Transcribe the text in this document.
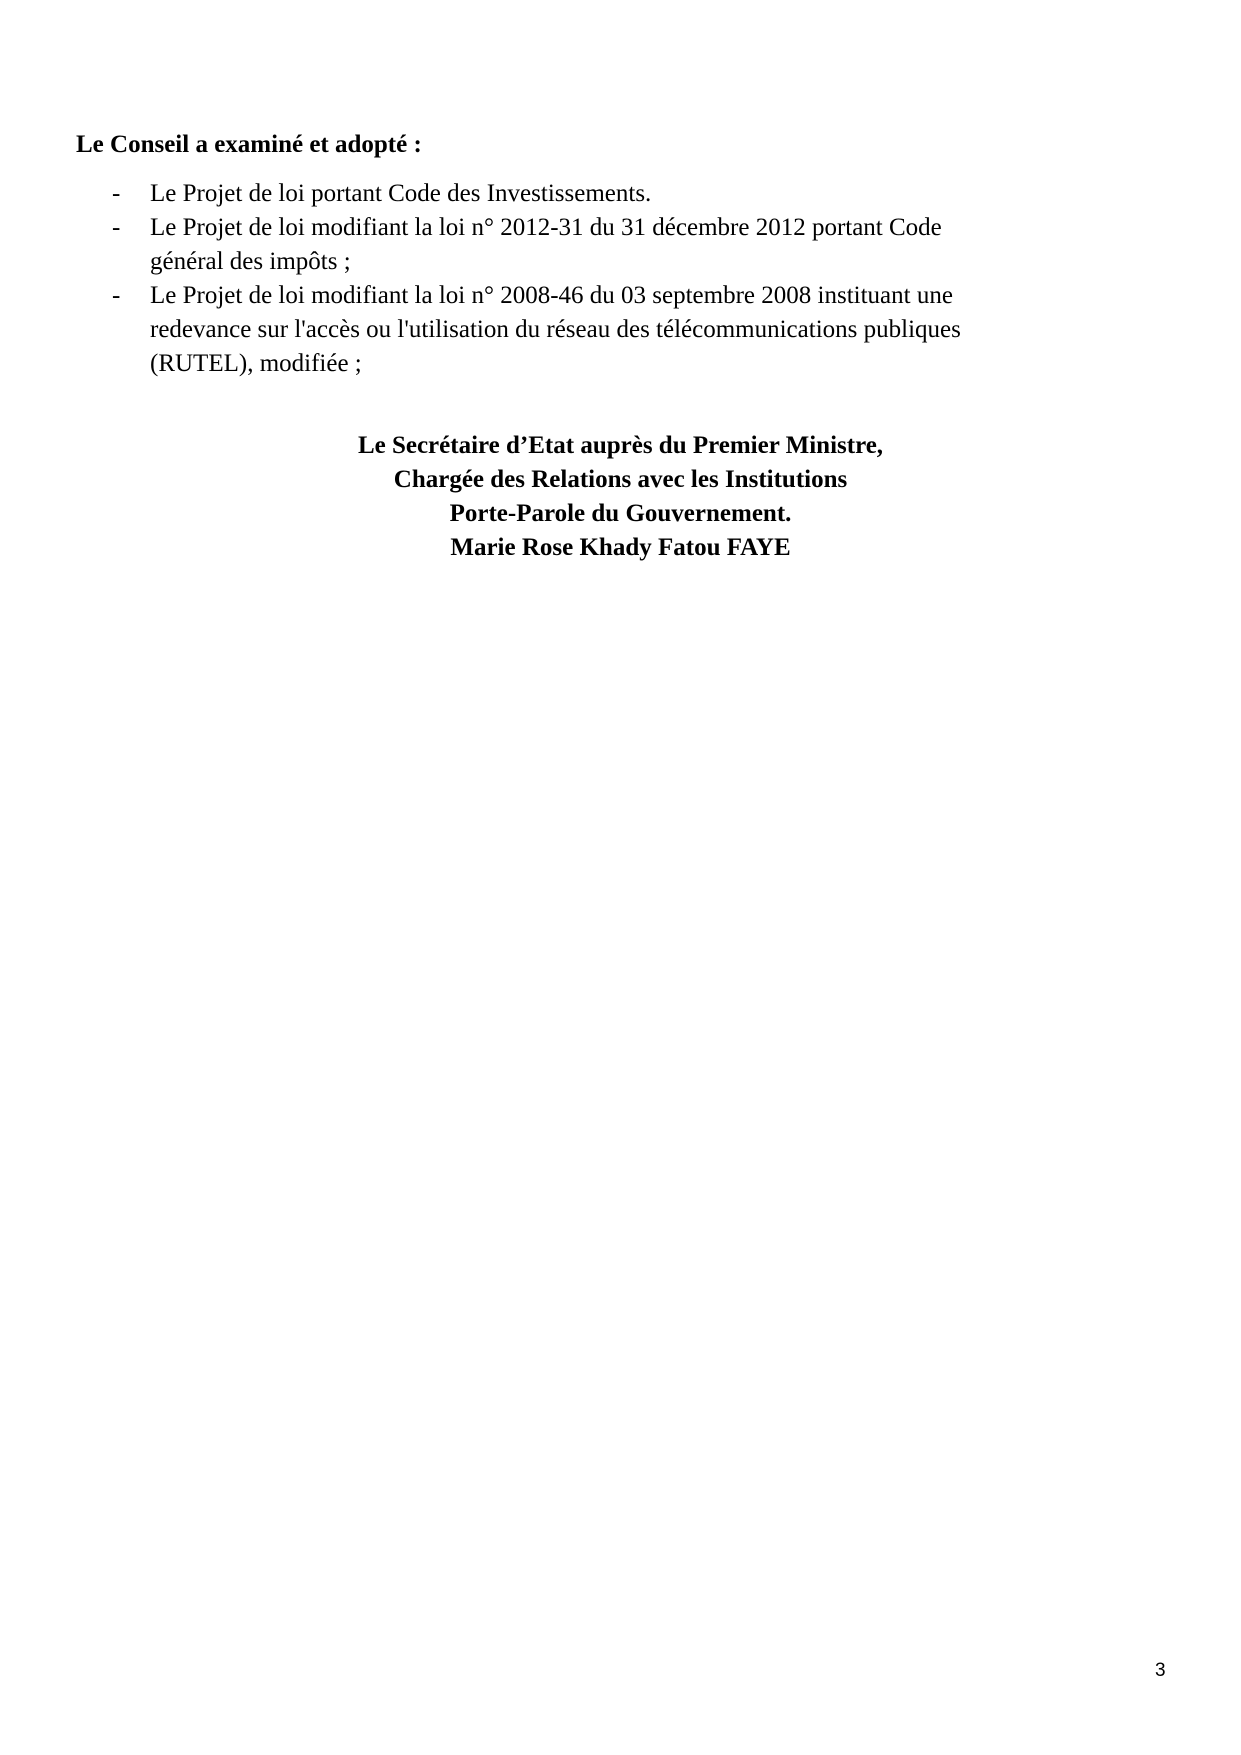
Le Conseil a examiné et adopté :
- Le Projet de loi portant Code des Investissements.
- Le Projet de loi modifiant la loi n° 2012-31 du 31 décembre 2012 portant Code
général des impôts ;
- Le Projet de loi modifiant la loi n° 2008-46 du 03 septembre 2008 instituant une
redevance sur l'accès ou l'utilisation du réseau des télécommunications publiques
(RUTEL), modifiée ;
Le Secrétaire d’Etat auprès du Premier Ministre,
Chargée des Relations avec les Institutions
Porte-Parole du Gouvernement.
Marie Rose Khady Fatou FAYE
3
